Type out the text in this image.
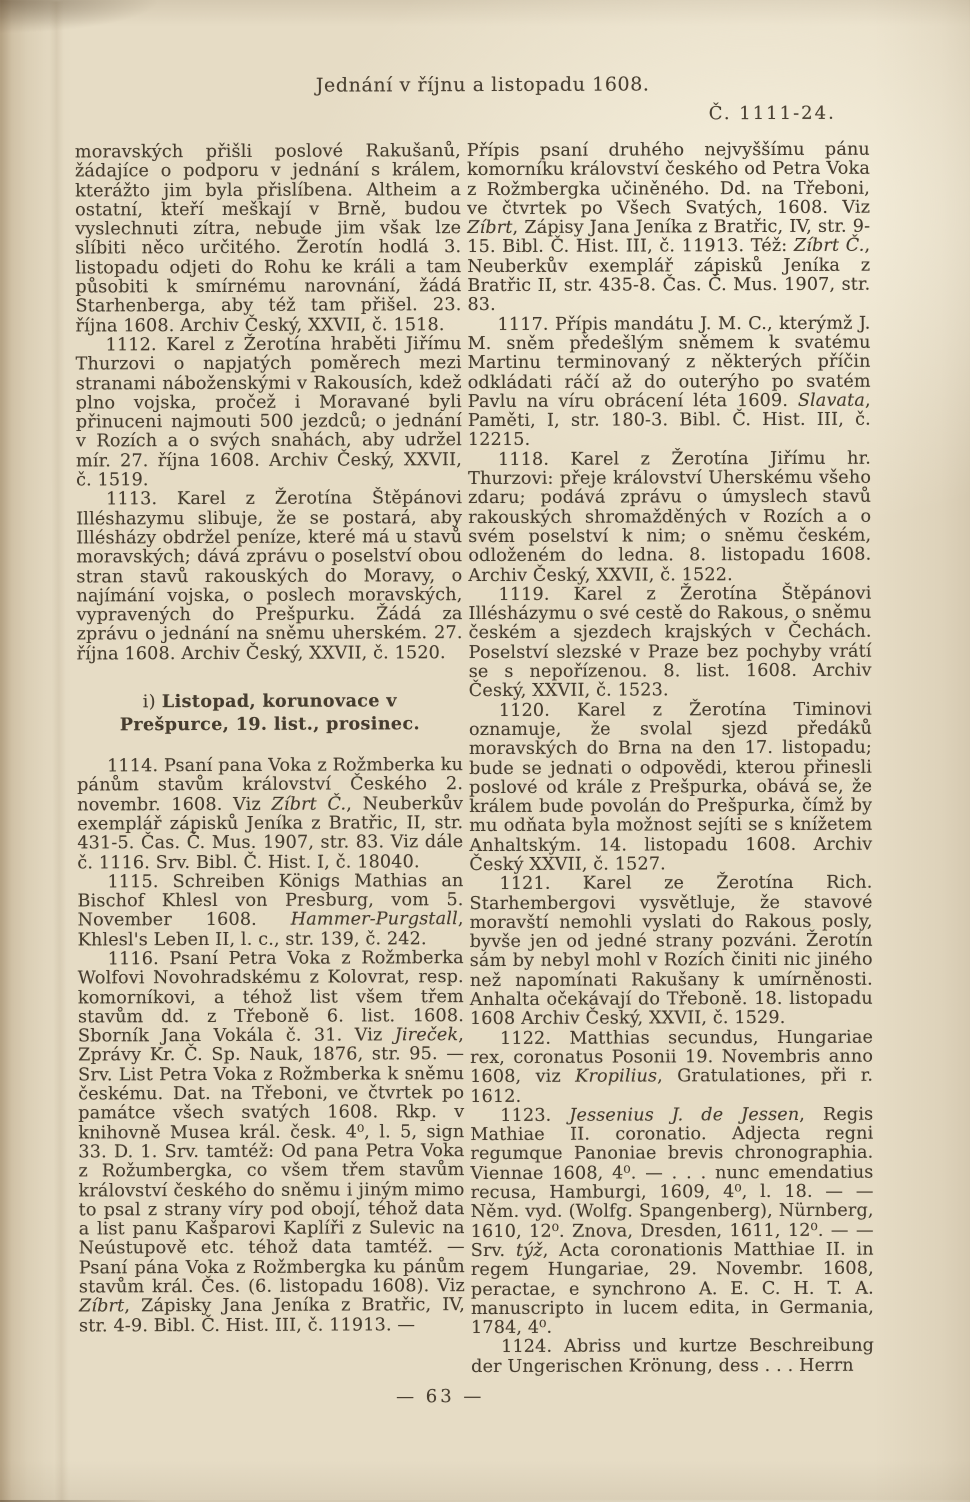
Jednání v říjnu a listopadu 1608.
Č. 1111-24.

moravských přišli poslové Rakušanů, žádajíce o podporu v jednání s králem, kterážto jim byla přislíbena. Altheim a ostatní, kteří meškají v Brně, budou vyslechnuti zítra, nebude jim však lze slíbiti něco určitého. Žerotín hodlá 3. listopadu odjeti do Rohu ke králi a tam působiti k smírnému narovnání, žádá Starhenberga, aby též tam přišel. 23. října 1608. Archiv Český, XXVII, č. 1518.

1112. Karel z Žerotína hraběti Jiřímu Thurzovi o napjatých poměrech mezi stranami náboženskými v Rakousích, kdež plno vojska, pročež i Moravané byli přinuceni najmouti 500 jezdců; o jednání v Rozích a o svých snahách, aby udržel mír. 27. října 1608. Archiv Český, XXVII, č. 1519.

1113. Karel z Žerotína Štěpánovi Illéshazymu slibuje, že se postará, aby Illésházy obdržel peníze, které má u stavů moravských; dává zprávu o poselství obou stran stavů rakouských do Moravy, o najímání vojska, o poslech moravských, vypravených do Prešpurku. Žádá za zprávu o jednání na sněmu uherském. 27. října 1608. Archiv Český, XXVII, č. 1520.

i) Listopad, korunovace v Prešpurce, 19. list., prosinec.

1114. Psaní pana Voka z Rožmberka ku pánům stavům království Českého 2. novembr. 1608. Viz Zíbrt Č., Neuberkův exemplář zápisků Jeníka z Bratřic, II, str. 431-5. Čas. Č. Mus. 1907, str. 83. Viz dále č. 1116. Srv. Bibl. Č. Hist. I, č. 18040.

1115. Schreiben Königs Mathias an Bischof Khlesl von Presburg, vom 5. November 1608. Hammer-Purgstall, Khlesl's Leben II, l. c., str. 139, č. 242.

1116. Psaní Petra Voka z Rožmberka Wolfovi Novohradskému z Kolovrat, resp. komorníkovi, a téhož list všem třem stavům dd. z Třeboně 6. list. 1608. Sborník Jana Vokála č. 31. Viz Jireček, Zprávy Kr. Č. Sp. Nauk, 1876, str. 95. — Srv. List Petra Voka z Rožmberka k sněmu českému. Dat. na Třeboni, ve čtvrtek po památce všech svatých 1608. Rkp. v knihovně Musea král. česk. 4⁰, l. 5, sign 33. D. 1. Srv. tamtéž: Od pana Petra Voka z Rožumbergka, co všem třem stavům království českého do sněmu i jiným mimo to psal z strany víry pod obojí, téhož data a list panu Kašparovi Kaplíři z Sulevic na Neústupově etc. téhož data tamtéž. — Psaní pána Voka z Rožmbergka ku pánům stavům král. Čes. (6. listopadu 1608). Viz Zíbrt, Zápisky Jana Jeníka z Bratřic, IV, str. 4-9. Bibl. Č. Hist. III, č. 11913. —

Přípis psaní druhého nejvyššímu pánu komorníku království českého od Petra Voka z Rožmbergka učiněného. Dd. na Třeboni, ve čtvrtek po Všech Svatých, 1608. Viz Zíbrt, Zápisy Jana Jeníka z Bratřic, IV, str. 9-15. Bibl. Č. Hist. III, č. 11913. Též: Zíbrt Č., Neuberkův exemplář zápisků Jeníka z Bratřic II, str. 435-8. Čas. Č. Mus. 1907, str. 83.

1117. Přípis mandátu J. M. C., kterýmž J. M. sněm předešlým sněmem k svatému Martinu terminovaný z některých příčin odkládati ráčí až do outerýho po svatém Pavlu na víru obrácení léta 1609. Slavata, Paměti, I, str. 180-3. Bibl. Č. Hist. III, č. 12215.

1118. Karel z Žerotína Jiřímu hr. Thurzovi: přeje království Uherskému všeho zdaru; podává zprávu o úmyslech stavů rakouských shromažděných v Rozích a o svém poselství k nim; o sněmu českém, odloženém do ledna. 8. listopadu 1608. Archiv Český, XXVII, č. 1522.

1119. Karel z Žerotína Štěpánovi Illésházymu o své cestě do Rakous, o sněmu českém a sjezdech krajských v Čechách. Poselství slezské v Praze bez pochyby vrátí se s nepořízenou. 8. list. 1608. Archiv Český, XXVII, č. 1523.

1120. Karel z Žerotína Timinovi oznamuje, že svolal sjezd předáků moravských do Brna na den 17. listopadu; bude se jednati o odpovědi, kterou přinesli poslové od krále z Prešpurka, obává se, že králem bude povolán do Prešpurka, čímž by mu odňata byla možnost sejíti se s knížetem Anhaltským. 14. listopadu 1608. Archiv Český XXVII, č. 1527.

1121. Karel ze Žerotína Rich. Starhembergovi vysvětluje, že stavové moravští nemohli vyslati do Rakous posly, byvše jen od jedné strany pozváni. Žerotín sám by nebyl mohl v Rozích činiti nic jiného než napomínati Rakušany k umírněnosti. Anhalta očekávají do Třeboně. 18. listopadu 1608 Archiv Český, XXVII, č. 1529.

1122. Matthias secundus, Hungariae rex, coronatus Posonii 19. Novembris anno 1608, viz Kropilius, Gratulationes, při r. 1612.

1123. Jessenius J. de Jessen, Regis Mathiae II. coronatio. Adjecta regni regumque Panoniae brevis chronographia. Viennae 1608, 4⁰. — . . . nunc emendatius recusa, Hamburgi, 1609, 4⁰, l. 18. — — Něm. vyd. (Wolfg. Spangenberg), Nürnberg, 1610, 12⁰. Znova, Dresden, 1611, 12⁰. — — Srv. týž, Acta coronationis Matthiae II. in regem Hungariae, 29. Novembr. 1608, peractae, e synchrono A. E. C. H. T. A. manuscripto in lucem edita, in Germania, 1784, 4⁰.

1124. Abriss und kurtze Beschreibung der Ungerischen Krönung, dess . . . Herrn

— 63 —
